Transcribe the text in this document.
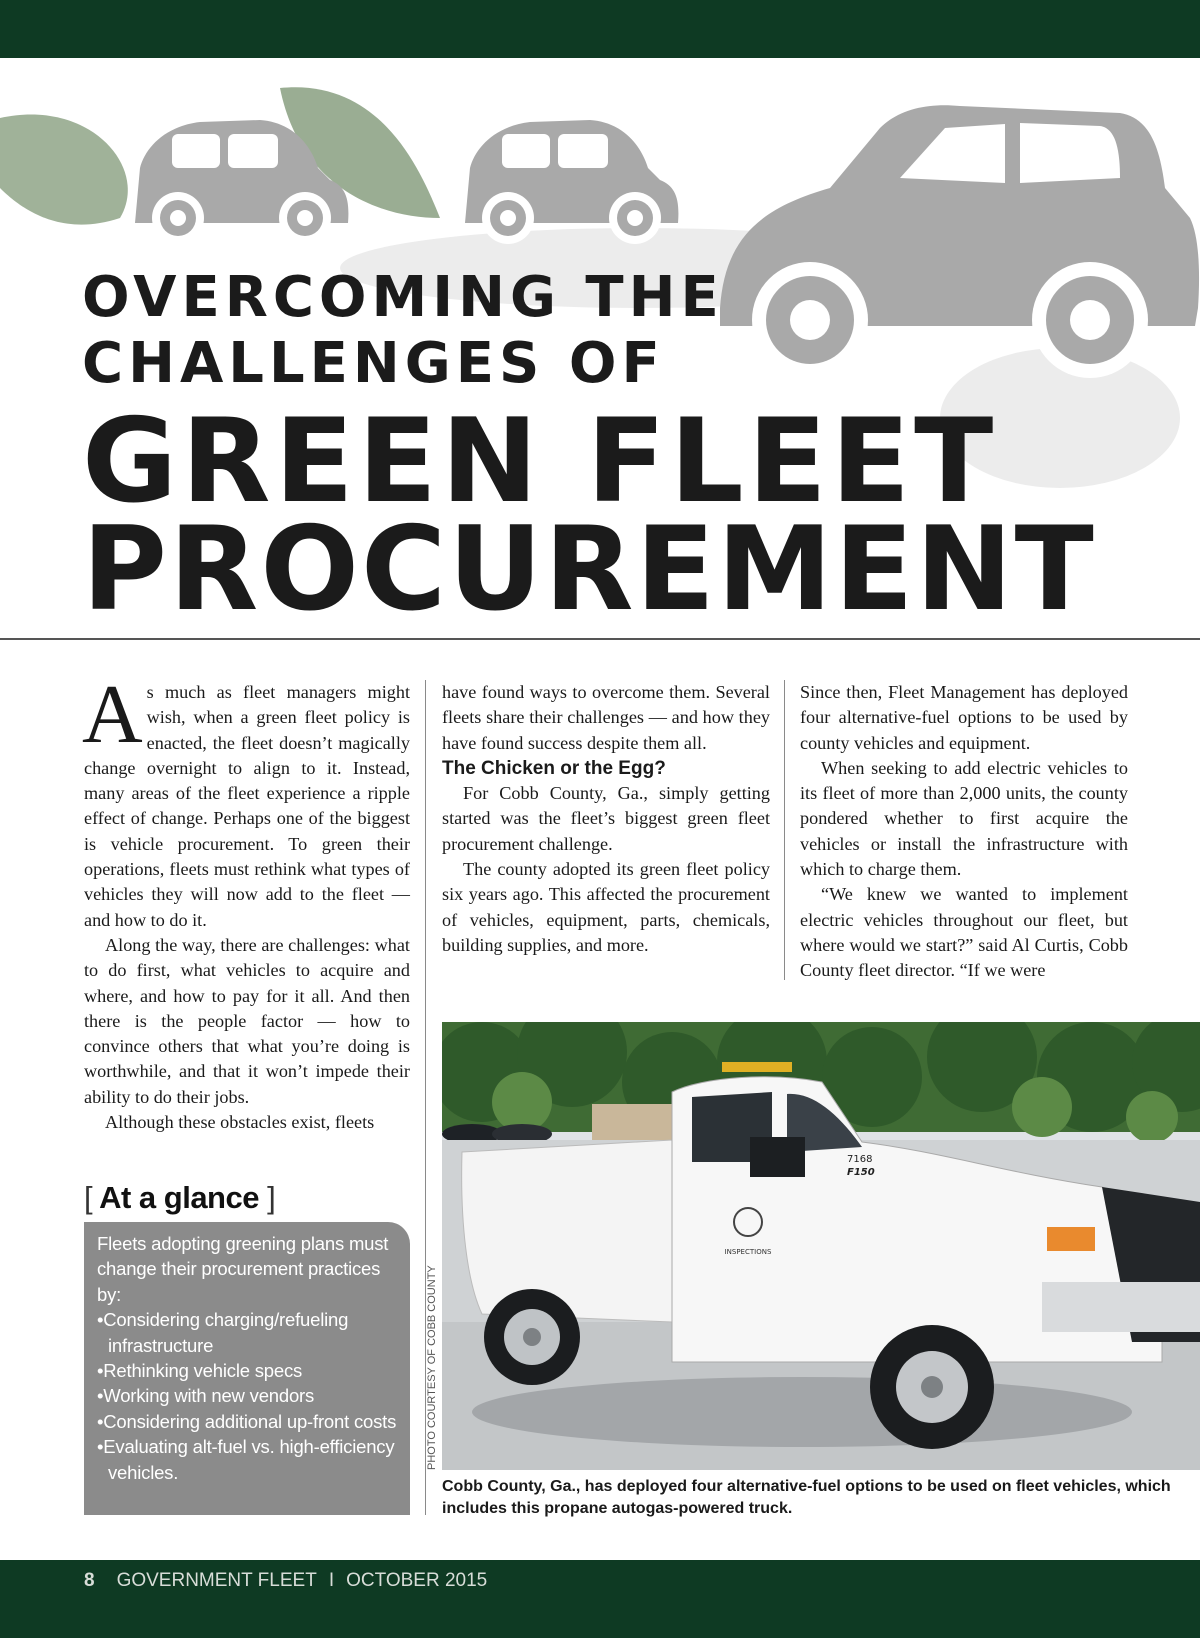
OVERCOMING THE
CHALLENGES OF
GREEN FLEET
PROCUREMENT

As much as fleet managers might wish, when a green fleet policy is enacted, the fleet doesn’t magically change overnight to align to it. Instead, many areas of the fleet experience a ripple effect of change. Perhaps one of the biggest is vehicle procurement. To green their operations, fleets must rethink what types of vehicles they will now add to the fleet — and how to do it.

Along the way, there are challenges: what to do first, what vehicles to acquire and where, and how to pay for it all. And then there is the people factor — how to convince others that what you’re doing is worthwhile, and that it won’t impede their ability to do their jobs.

Although these obstacles exist, fleets

have found ways to overcome them. Several fleets share their challenges — and how they have found success despite them all.

The Chicken or the Egg?

For Cobb County, Ga., simply getting started was the fleet’s biggest green fleet procurement challenge.

The county adopted its green fleet policy six years ago. This affected the procurement of vehicles, equipment, parts, chemicals, building supplies, and more.

Since then, Fleet Management has deployed four alternative-fuel options to be used by county vehicles and equipment.

When seeking to add electric vehicles to its fleet of more than 2,000 units, the county pondered whether to first acquire the vehicles or install the infrastructure with which to charge them.

“We knew we wanted to implement electric vehicles throughout our fleet, but where would we start?” said Al Curtis, Cobb County fleet director. “If we were

[ At a glance ]
Fleets adopting greening plans must change their procurement practices by:
•Considering charging/refueling infrastructure
•Rethinking vehicle specs
•Working with new vendors
•Considering additional up-front costs
•Evaluating alt-fuel vs. high-efficiency vehicles.
INSPECTIONS
7168
F150
PHOTO COURTESY OF COBB COUNTY
Cobb County, Ga., has deployed four alternative-fuel options to be used on fleet vehicles, which includes this propane autogas-powered truck.
8 GOVERNMENT FLEET I OCTOBER 2015
